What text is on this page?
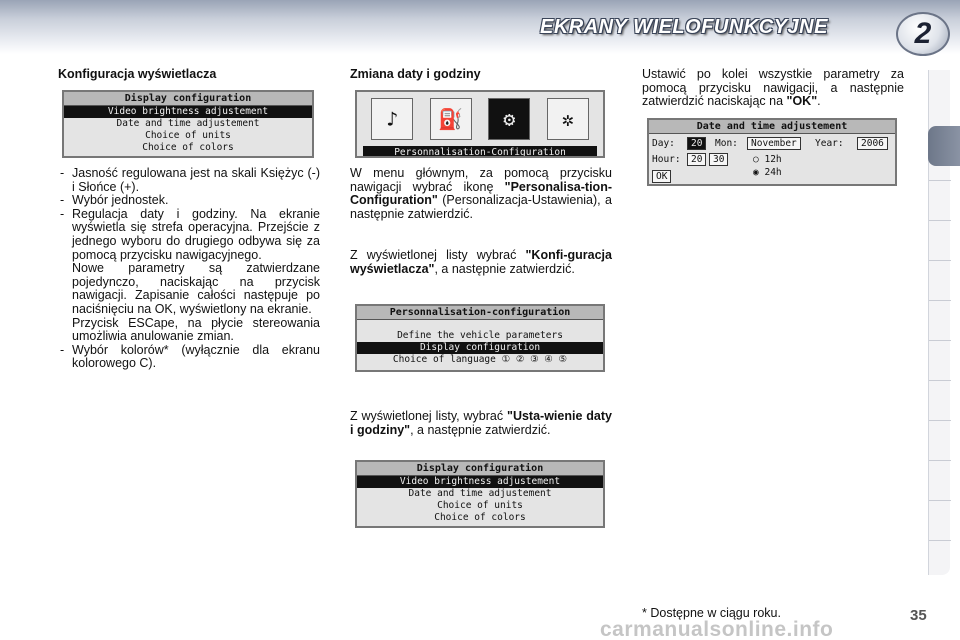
EKRANY WIELOFUNKCYJNE	2
Konfiguracja wyświetlacza
Display configuration
Video brightness adjustement
Date and time adjustement
Choice of units
Choice of colors
- Jasność regulowana jest na skali Księżyc (-) i Słońce (+).
- Wybór jednostek.
- Regulacja daty i godziny. Na ekranie wyświetla się strefa operacyjna. Przejście z jednego wyboru do drugiego odbywa się za pomocą przycisku nawigacyjnego.
Nowe parametry są zatwierdzane pojedynczo, naciskając na przycisk nawigacji. Zapisanie całości następuje po naciśnięciu na OK, wyświetlony na ekranie.
Przycisk ESCape, na płycie stereowania umożliwia anulowanie zmian.
- Wybór kolorów* (wyłącznie dla ekranu kolorowego C).
Zmiana daty i godziny
♪	⛽	⚙	✲
Personnalisation-Configuration
W menu głównym, za pomocą przycisku nawigacji wybrać ikonę "Personalisa-tion-Configuration" (Personalizacja-Ustawienia), a następnie zatwierdzić.
Z wyświetlonej listy wybrać "Konfi-guracja wyświetlacza", a następnie zatwierdzić.
Personnalisation-configuration
Define the vehicle parameters
Display configuration
Choice of language ① ② ③ ④ ⑤
Z wyświetlonej listy, wybrać "Usta-wienie daty i godziny", a następnie zatwierdzić.
Display configuration
Video brightness adjustement
Date and time adjustement
Choice of units
Choice of colors
Ustawić po kolei wszystkie parametry za pomocą przycisku nawigacji, a następnie zatwierdzić naciskając na "OK".
Date and time adjustement
Day:	20	Mon:	November	Year:	2006
Hour:	20	30	○ 12h
◉ 24h
OK
* Dostępne w ciągu roku.	35
carmanualsonline.info
